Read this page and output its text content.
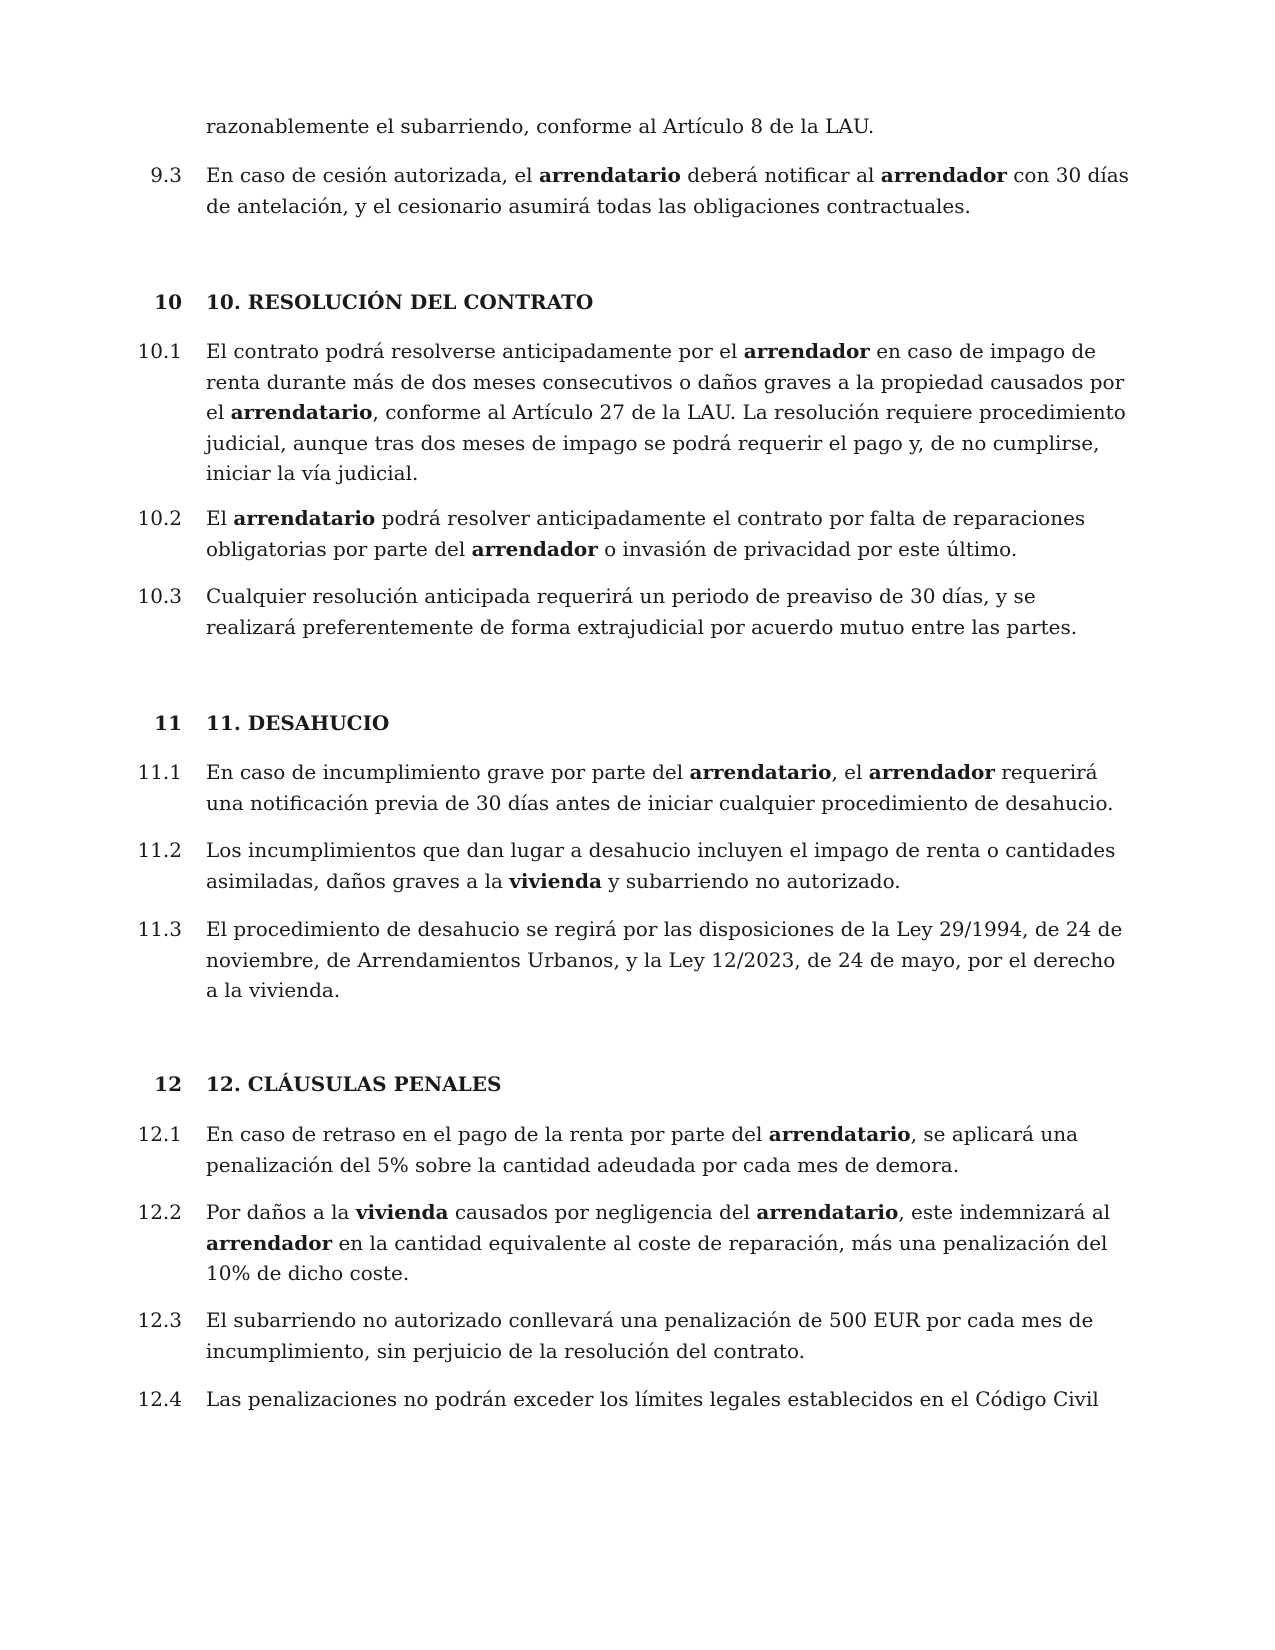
razonablemente el subarriendo, conforme al Artículo 8 de la LAU.
9.3 En caso de cesión autorizada, el arrendatario deberá notificar al arrendador con 30 días de antelación, y el cesionario asumirá todas las obligaciones contractuales.
10 10. RESOLUCIÓN DEL CONTRATO
10.1 El contrato podrá resolverse anticipadamente por el arrendador en caso de impago de renta durante más de dos meses consecutivos o daños graves a la propiedad causados por el arrendatario, conforme al Artículo 27 de la LAU. La resolución requiere procedimiento judicial, aunque tras dos meses de impago se podrá requerir el pago y, de no cumplirse, iniciar la vía judicial.
10.2 El arrendatario podrá resolver anticipadamente el contrato por falta de reparaciones obligatorias por parte del arrendador o invasión de privacidad por este último.
10.3 Cualquier resolución anticipada requerirá un periodo de preaviso de 30 días, y se realizará preferentemente de forma extrajudicial por acuerdo mutuo entre las partes.
11 11. DESAHUCIO
11.1 En caso de incumplimiento grave por parte del arrendatario, el arrendador requerirá una notificación previa de 30 días antes de iniciar cualquier procedimiento de desahucio.
11.2 Los incumplimientos que dan lugar a desahucio incluyen el impago de renta o cantidades asimiladas, daños graves a la vivienda y subarriendo no autorizado.
11.3 El procedimiento de desahucio se regirá por las disposiciones de la Ley 29/1994, de 24 de noviembre, de Arrendamientos Urbanos, y la Ley 12/2023, de 24 de mayo, por el derecho a la vivienda.
12 12. CLÁUSULAS PENALES
12.1 En caso de retraso en el pago de la renta por parte del arrendatario, se aplicará una penalización del 5% sobre la cantidad adeudada por cada mes de demora.
12.2 Por daños a la vivienda causados por negligencia del arrendatario, este indemnizará al arrendador en la cantidad equivalente al coste de reparación, más una penalización del 10% de dicho coste.
12.3 El subarriendo no autorizado conllevará una penalización de 500 EUR por cada mes de incumplimiento, sin perjuicio de la resolución del contrato.
12.4 Las penalizaciones no podrán exceder los límites legales establecidos en el Código Civil
